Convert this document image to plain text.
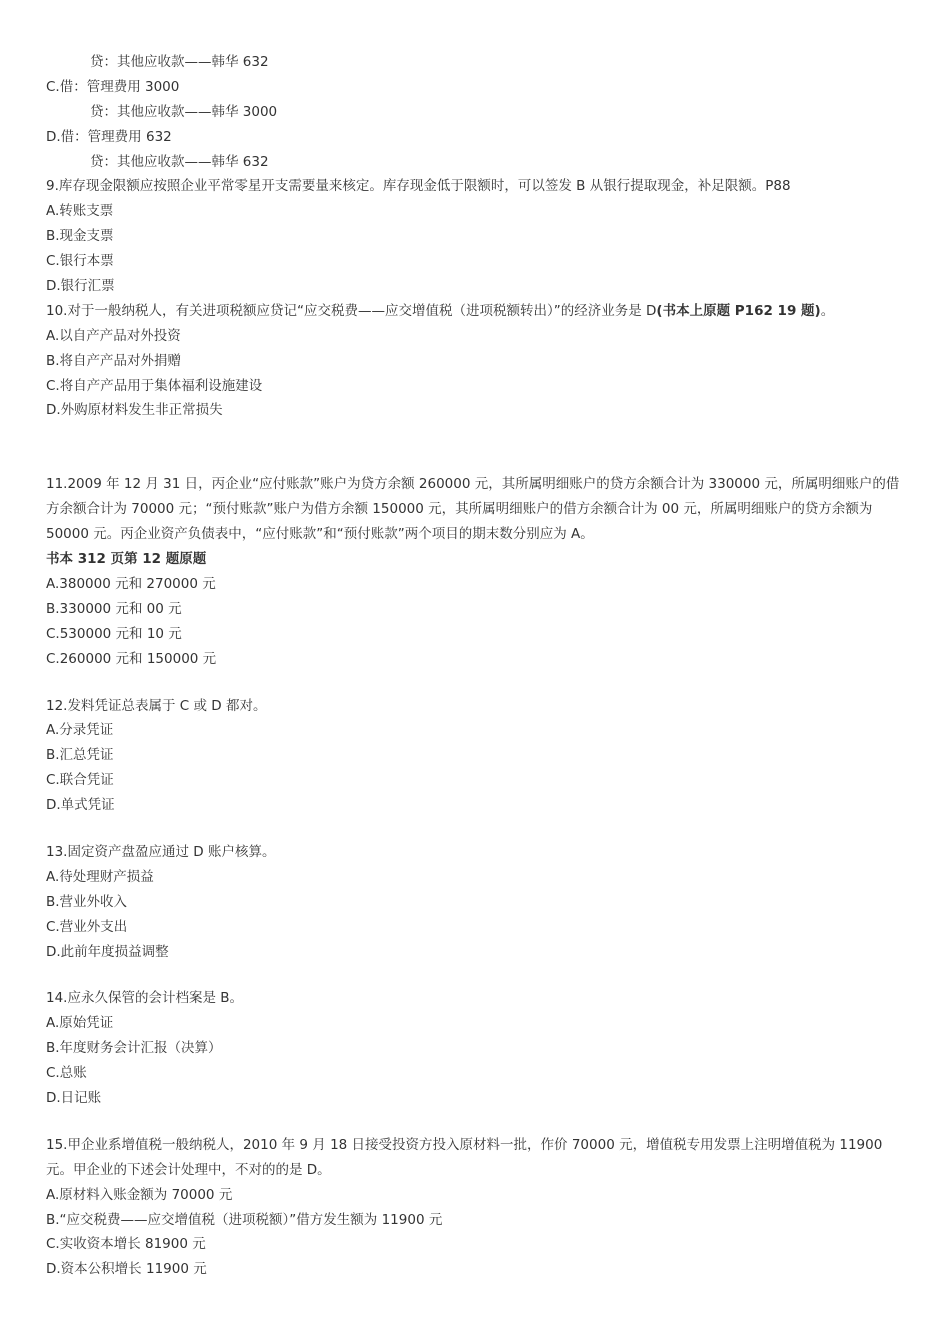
贷：其他应收款——韩华 632
C.借：管理费用 3000
贷：其他应收款——韩华 3000
D.借：管理费用 632
贷：其他应收款——韩华 632
9.库存现金限额应按照企业平常零星开支需要量来核定。库存现金低于限额时，可以签发 B 从银行提取现金，补足限额。P88
A.转账支票
B.现金支票
C.银行本票
D.银行汇票
10.对于一般纳税人，有关进项税额应贷记“应交税费——应交增值税（进项税额转出）”的经济业务是 D(书本上原题 P162 19 题)。
A.以自产产品对外投资
B.将自产产品对外捐赠
C.将自产产品用于集体福利设施建设
D.外购原材料发生非正常损失
11.2009 年 12 月 31 日，丙企业“应付账款”账户为贷方余额 260000 元，其所属明细账户的贷方余额合计为 330000 元，所属明细账户的借方余额合计为 70000 元；“预付账款”账户为借方余额 150000 元，其所属明细账户的借方余额合计为 00 元，所属明细账户的贷方余额为 50000 元。丙企业资产负债表中，“应付账款”和“预付账款”两个项目的期末数分别应为 A。
书本 312 页第 12 题原题
A.380000 元和 270000 元
B.330000 元和 00 元
C.530000 元和 10 元
C.260000 元和 150000 元
12.发料凭证总表属于 C 或 D 都对。
A.分录凭证
B.汇总凭证
C.联合凭证
D.单式凭证
13.固定资产盘盈应通过 D 账户核算。
A.待处理财产损益
B.营业外收入
C.营业外支出
D.此前年度损益调整
14.应永久保管的会计档案是 B。
A.原始凭证
B.年度财务会计汇报（决算）
C.总账
D.日记账
15.甲企业系增值税一般纳税人，2010 年 9 月 18 日接受投资方投入原材料一批，作价 70000 元，增值税专用发票上注明增值税为 11900 元。甲企业的下述会计处理中，不对的的是 D。
A.原材料入账金额为 70000 元
B.“应交税费——应交增值税（进项税额）”借方发生额为 11900 元
C.实收资本增长 81900 元
D.资本公积增长 11900 元
